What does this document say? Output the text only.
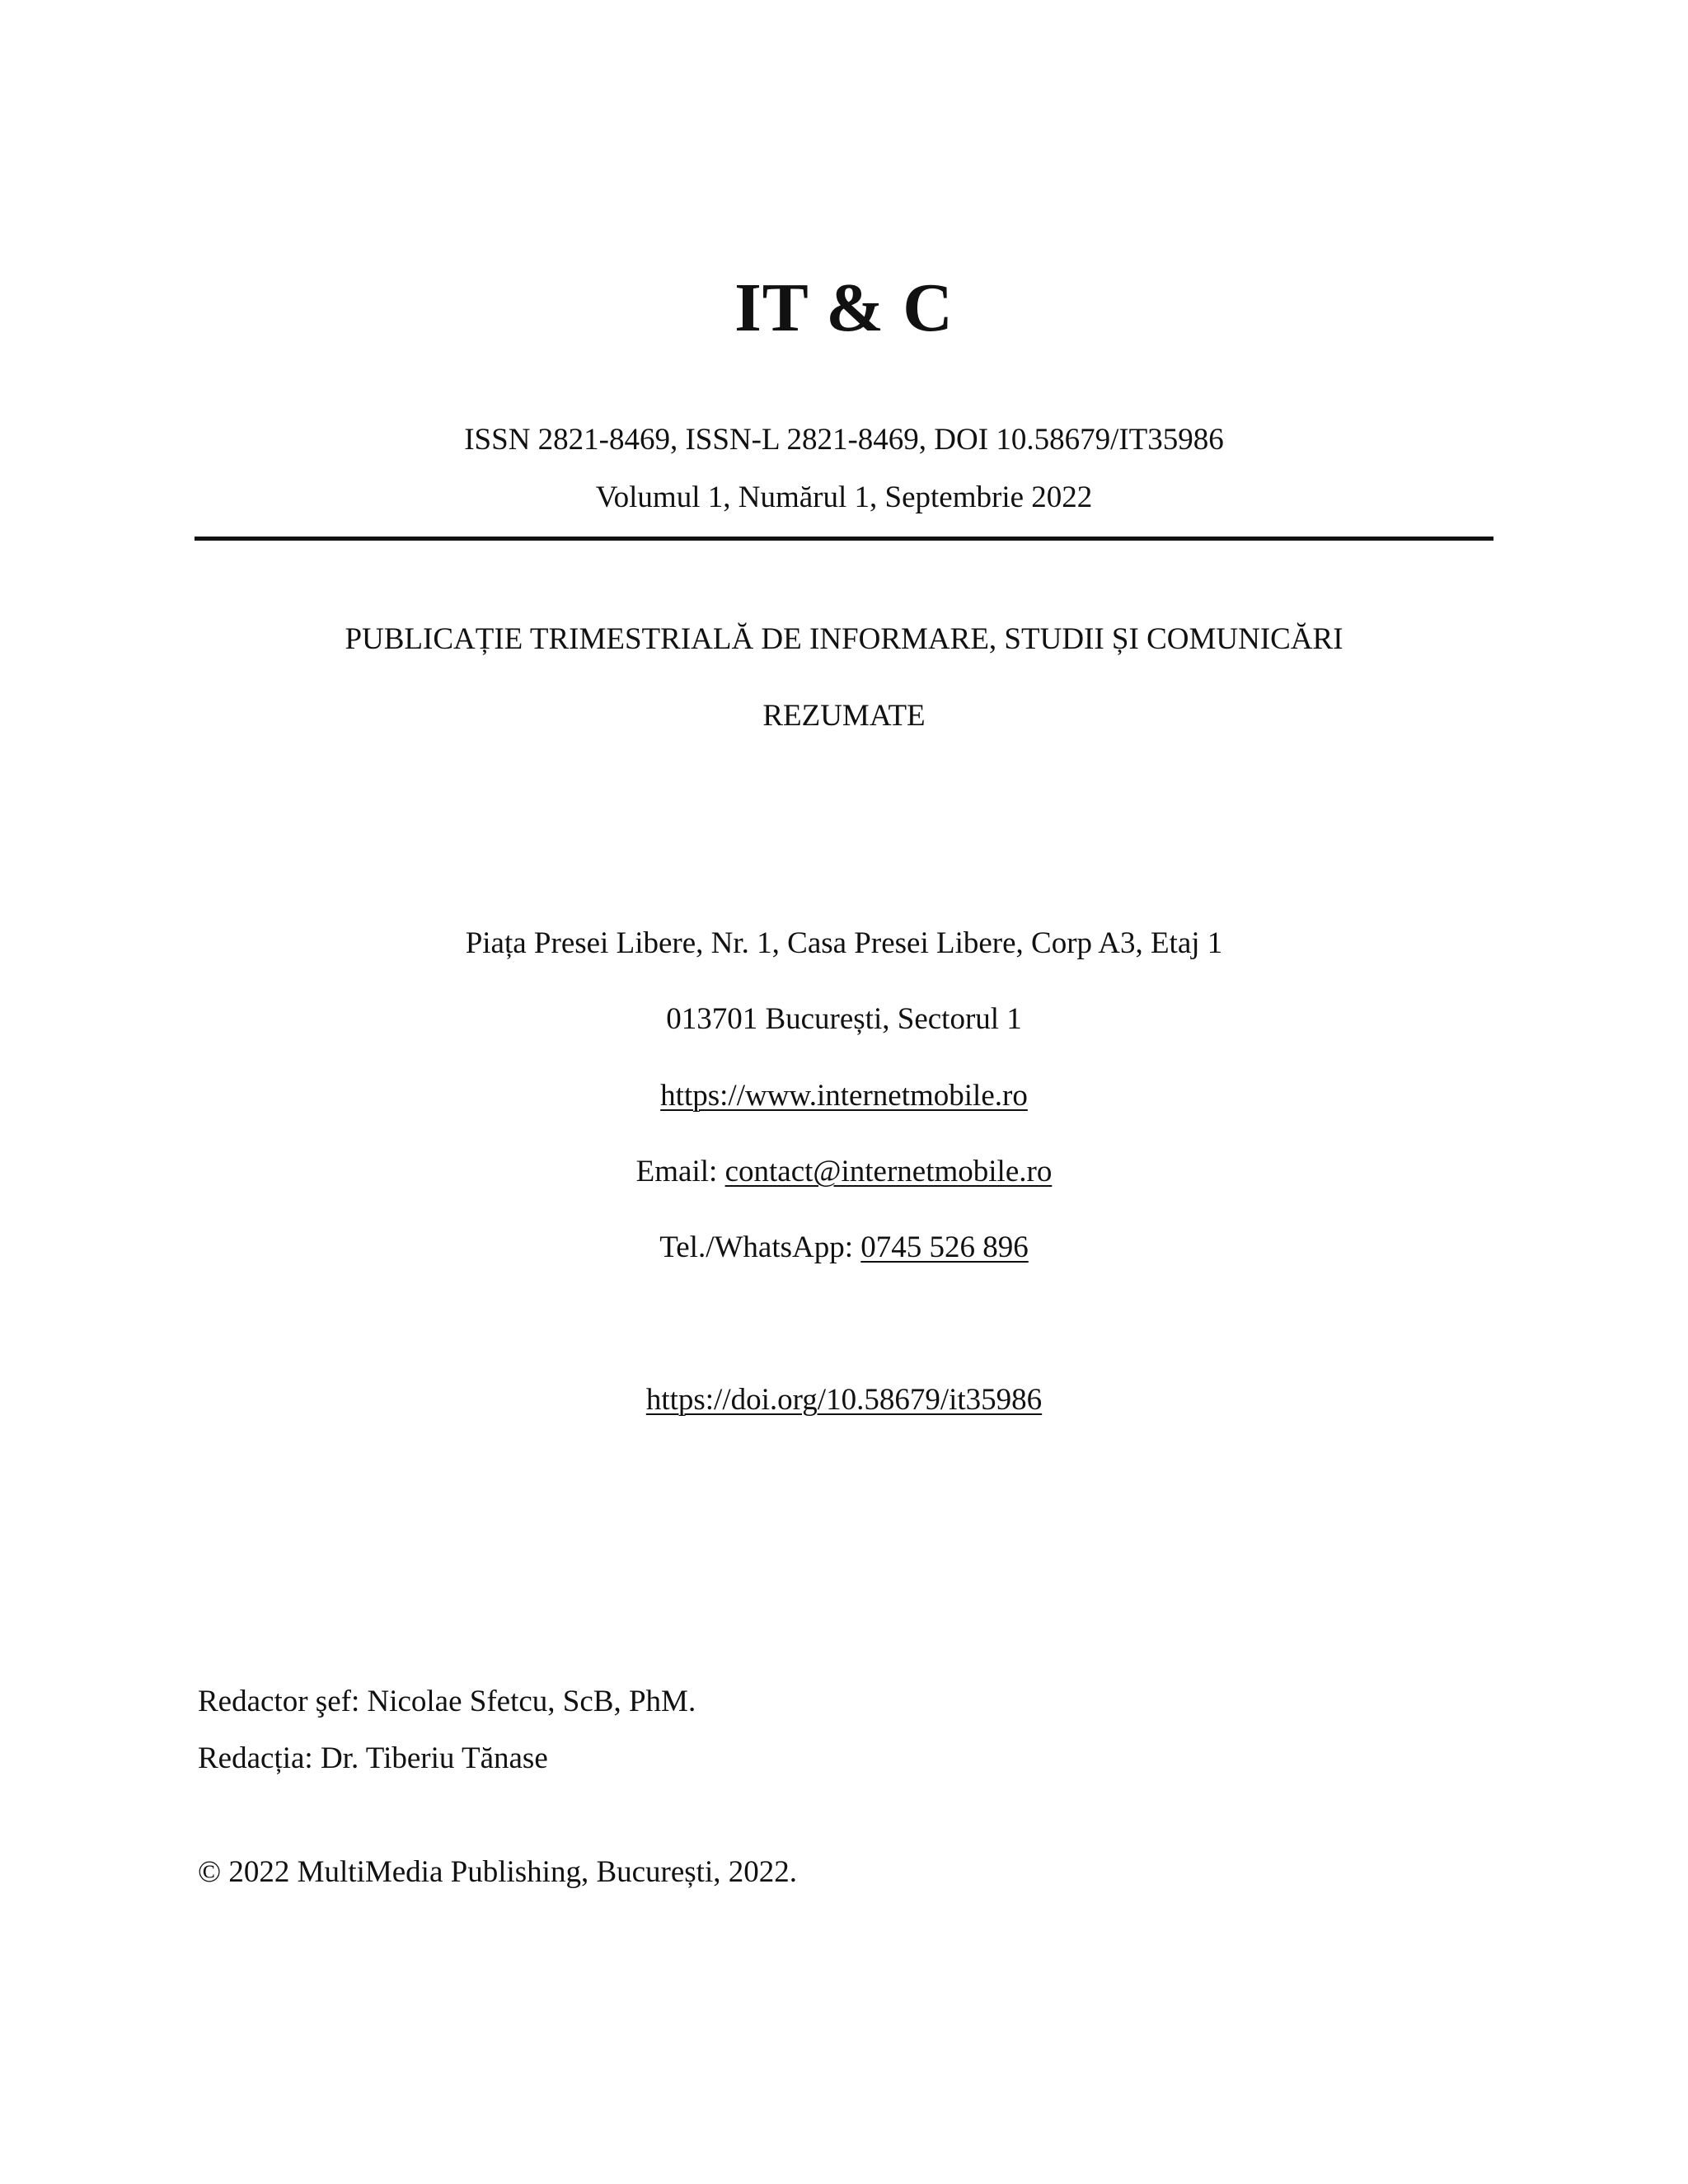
IT & C
ISSN 2821-8469, ISSN-L 2821-8469, DOI 10.58679/IT35986
Volumul 1, Numărul 1, Septembrie 2022
PUBLICAȚIE TRIMESTRIALĂ DE INFORMARE, STUDII ȘI COMUNICĂRI
REZUMATE
Piața Presei Libere, Nr. 1, Casa Presei Libere, Corp A3, Etaj 1
013701 București, Sectorul 1
https://www.internetmobile.ro
Email: contact@internetmobile.ro
Tel./WhatsApp: 0745 526 896
https://doi.org/10.58679/it35986
Redactor şef: Nicolae Sfetcu, ScB, PhM.
Redacția: Dr. Tiberiu Tănase
© 2022 MultiMedia Publishing, București, 2022.
